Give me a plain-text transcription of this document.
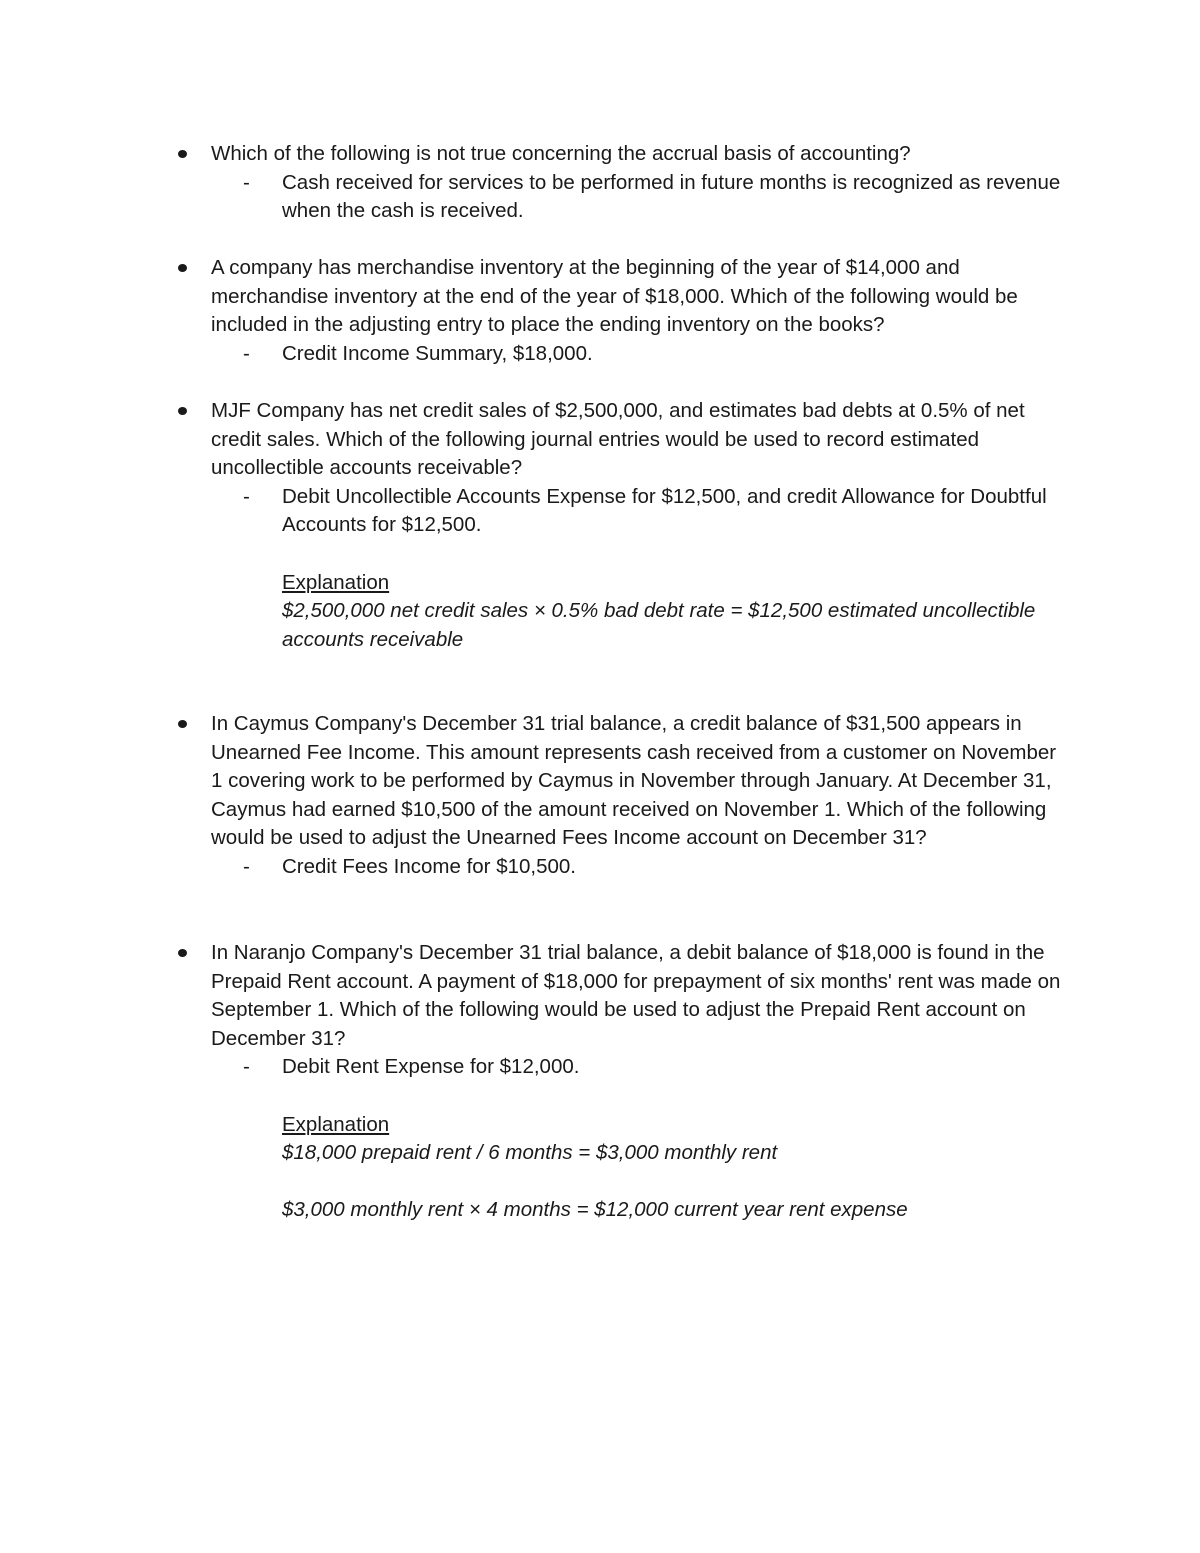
Which of the following is not true concerning the accrual basis of accounting?
- Cash received for services to be performed in future months is recognized as revenue when the cash is received.
A company has merchandise inventory at the beginning of the year of $14,000 and merchandise inventory at the end of the year of $18,000. Which of the following would be included in the adjusting entry to place the ending inventory on the books?
- Credit Income Summary, $18,000.
MJF Company has net credit sales of $2,500,000, and estimates bad debts at 0.5% of net credit sales. Which of the following journal entries would be used to record estimated uncollectible accounts receivable?
- Debit Uncollectible Accounts Expense for $12,500, and credit Allowance for Doubtful Accounts for $12,500.
Explanation
$2,500,000 net credit sales × 0.5% bad debt rate = $12,500 estimated uncollectible accounts receivable
In Caymus Company's December 31 trial balance, a credit balance of $31,500 appears in Unearned Fee Income. This amount represents cash received from a customer on November 1 covering work to be performed by Caymus in November through January. At December 31, Caymus had earned $10,500 of the amount received on November 1. Which of the following would be used to adjust the Unearned Fees Income account on December 31?
- Credit Fees Income for $10,500.
In Naranjo Company's December 31 trial balance, a debit balance of $18,000 is found in the Prepaid Rent account. A payment of $18,000 for prepayment of six months' rent was made on September 1. Which of the following would be used to adjust the Prepaid Rent account on December 31?
- Debit Rent Expense for $12,000.
Explanation
$18,000 prepaid rent / 6 months = $3,000 monthly rent
$3,000 monthly rent × 4 months = $12,000 current year rent expense
